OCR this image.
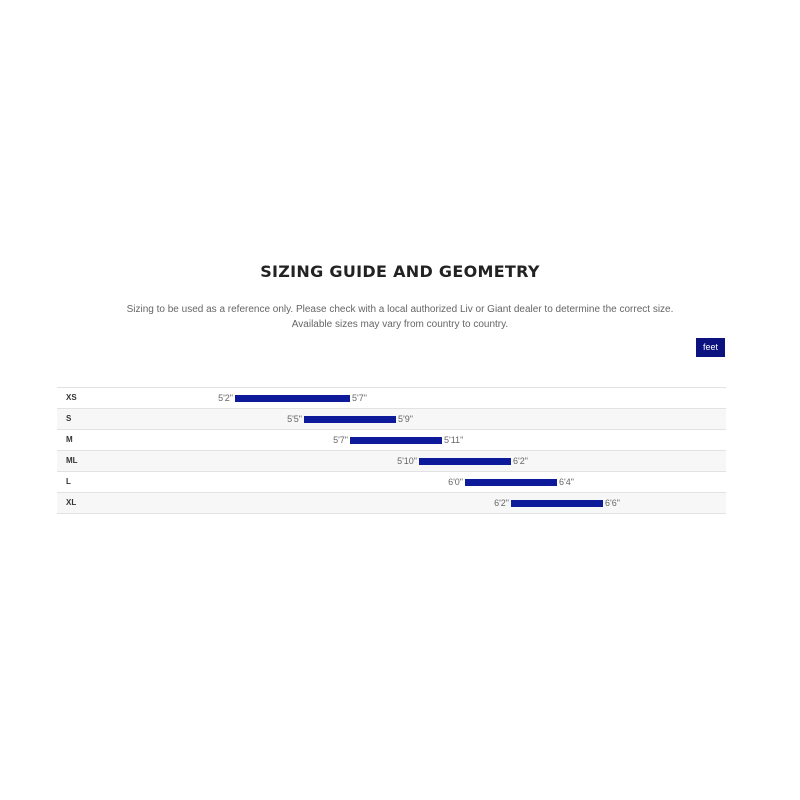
SIZING GUIDE AND GEOMETRY
Sizing to be used as a reference only. Please check with a local authorized Liv or Giant dealer to determine the correct size.
Available sizes may vary from country to country.
feet
XS	5'2"	5'7"
S	5'5"	5'9"
M	5'7"	5'11"
ML	5'10"	6'2"
L	6'0"	6'4"
XL	6'2"	6'6"
